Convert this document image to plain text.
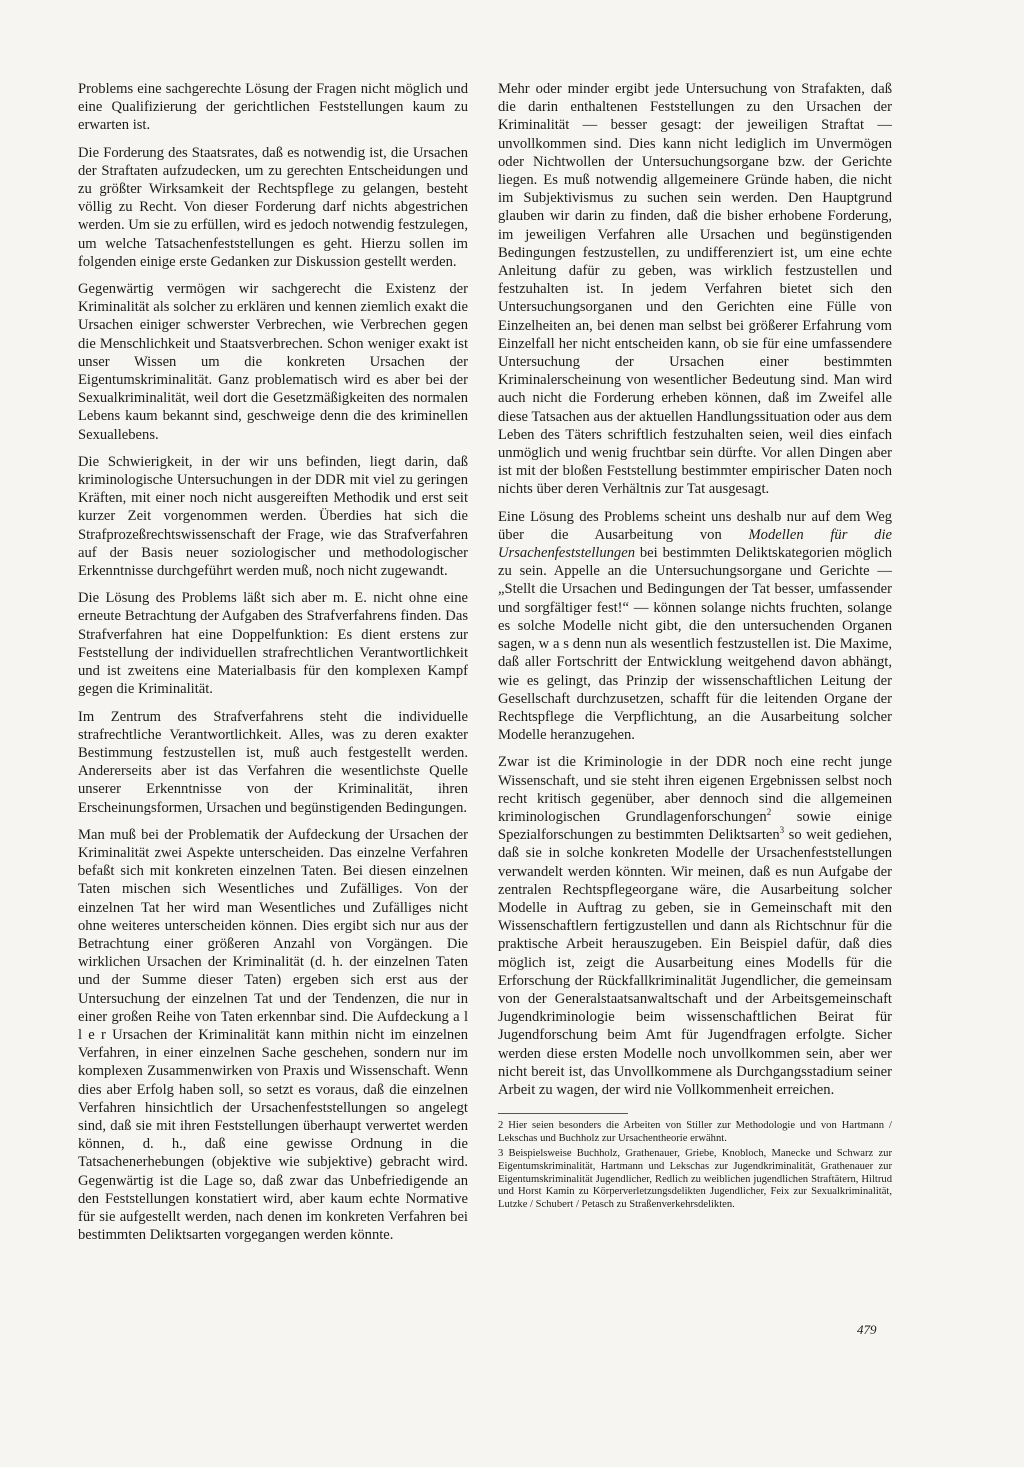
Problems eine sachgerechte Lösung der Fragen nicht möglich und eine Qualifizierung der gerichtlichen Feststellungen kaum zu erwarten ist.

Die Forderung des Staatsrates, daß es notwendig ist, die Ursachen der Straftaten aufzudecken, um zu gerechten Entscheidungen und zu größter Wirksamkeit der Rechtspflege zu gelangen, besteht völlig zu Recht. Von dieser Forderung darf nichts abgestrichen werden. Um sie zu erfüllen, wird es jedoch notwendig festzulegen, um welche Tatsachenfeststellungen es geht. Hierzu sollen im folgenden einige erste Gedanken zur Diskussion gestellt werden.

Gegenwärtig vermögen wir sachgerecht die Existenz der Kriminalität als solcher zu erklären und kennen ziemlich exakt die Ursachen einiger schwerster Verbrechen, wie Verbrechen gegen die Menschlichkeit und Staatsverbrechen. Schon weniger exakt ist unser Wissen um die konkreten Ursachen der Eigentumskriminalität. Ganz problematisch wird es aber bei der Sexualkriminalität, weil dort die Gesetzmäßigkeiten des normalen Lebens kaum bekannt sind, geschweige denn die des kriminellen Sexuallebens.

Die Schwierigkeit, in der wir uns befinden, liegt darin, daß kriminologische Untersuchungen in der DDR mit viel zu geringen Kräften, mit einer noch nicht ausgereiften Methodik und erst seit kurzer Zeit vorgenommen werden. Überdies hat sich die Strafprozeßrechtswissenschaft der Frage, wie das Strafverfahren auf der Basis neuer soziologischer und methodologischer Erkenntnisse durchgeführt werden muß, noch nicht zugewandt.

Die Lösung des Problems läßt sich aber m. E. nicht ohne eine erneute Betrachtung der Aufgaben des Strafverfahrens finden. Das Strafverfahren hat eine Doppelfunktion: Es dient erstens zur Feststellung der individuellen strafrechtlichen Verantwortlichkeit und ist zweitens eine Materialbasis für den komplexen Kampf gegen die Kriminalität.

Im Zentrum des Strafverfahrens steht die individuelle strafrechtliche Verantwortlichkeit. Alles, was zu deren exakter Bestimmung festzustellen ist, muß auch festgestellt werden. Andererseits aber ist das Verfahren die wesentlichste Quelle unserer Erkenntnisse von der Kriminalität, ihren Erscheinungsformen, Ursachen und begünstigenden Bedingungen.

Man muß bei der Problematik der Aufdeckung der Ursachen der Kriminalität zwei Aspekte unterscheiden. Das einzelne Verfahren befaßt sich mit konkreten einzelnen Taten. Bei diesen einzelnen Taten mischen sich Wesentliches und Zufälliges. Von der einzelnen Tat her wird man Wesentliches und Zufälliges nicht ohne weiteres unterscheiden können. Dies ergibt sich nur aus der Betrachtung einer größeren Anzahl von Vorgängen. Die wirklichen Ursachen der Kriminalität (d. h. der einzelnen Taten und der Summe dieser Taten) ergeben sich erst aus der Untersuchung der einzelnen Tat und der Tendenzen, die nur in einer großen Reihe von Taten erkennbar sind. Die Aufdeckung a l l e r Ursachen der Kriminalität kann mithin nicht im einzelnen Verfahren, in einer einzelnen Sache geschehen, sondern nur im komplexen Zusammenwirken von Praxis und Wissenschaft. Wenn dies aber Erfolg haben soll, so setzt es voraus, daß die einzelnen Verfahren hinsichtlich der Ursachenfeststellungen so angelegt sind, daß sie mit ihren Feststellungen überhaupt verwertet werden können, d. h., daß eine gewisse Ordnung in die Tatsachenerhebungen (objektive wie subjektive) gebracht wird. Gegenwärtig ist die Lage so, daß zwar das Unbefriedigende an den Feststellungen konstatiert wird, aber kaum echte Normative für sie aufgestellt werden, nach denen im konkreten Verfahren bei bestimmten Deliktsarten vorgegangen werden könnte.

Mehr oder minder ergibt jede Untersuchung von Strafakten, daß die darin enthaltenen Feststellungen zu den Ursachen der Kriminalität — besser gesagt: der jeweiligen Straftat — unvollkommen sind. Dies kann nicht lediglich im Unvermögen oder Nichtwollen der Untersuchungsorgane bzw. der Gerichte liegen. Es muß notwendig allgemeinere Gründe haben, die nicht im Subjektivismus zu suchen sein werden. Den Hauptgrund glauben wir darin zu finden, daß die bisher erhobene Forderung, im jeweiligen Verfahren alle Ursachen und begünstigenden Bedingungen festzustellen, zu undifferenziert ist, um eine echte Anleitung dafür zu geben, was wirklich festzustellen und festzuhalten ist. In jedem Verfahren bietet sich den Untersuchungsorganen und den Gerichten eine Fülle von Einzelheiten an, bei denen man selbst bei größerer Erfahrung vom Einzelfall her nicht entscheiden kann, ob sie für eine umfassendere Untersuchung der Ursachen einer bestimmten Kriminalerscheinung von wesentlicher Bedeutung sind. Man wird auch nicht die Forderung erheben können, daß im Zweifel alle diese Tatsachen aus der aktuellen Handlungssituation oder aus dem Leben des Täters schriftlich festzuhalten seien, weil dies einfach unmöglich und wenig fruchtbar sein dürfte. Vor allen Dingen aber ist mit der bloßen Feststellung bestimmter empirischer Daten noch nichts über deren Verhältnis zur Tat ausgesagt.

Eine Lösung des Problems scheint uns deshalb nur auf dem Weg über die Ausarbeitung von Modellen für die Ursachenfeststellungen bei bestimmten Deliktskategorien möglich zu sein. Appelle an die Untersuchungsorgane und Gerichte — „Stellt die Ursachen und Bedingungen der Tat besser, umfassender und sorgfältiger fest!“ — können solange nichts fruchten, solange es solche Modelle nicht gibt, die den untersuchenden Organen sagen, w a s denn nun als wesentlich festzustellen ist. Die Maxime, daß aller Fortschritt der Entwicklung weitgehend davon abhängt, wie es gelingt, das Prinzip der wissenschaftlichen Leitung der Gesellschaft durchzusetzen, schafft für die leitenden Organe der Rechtspflege die Verpflichtung, an die Ausarbeitung solcher Modelle heranzugehen.

Zwar ist die Kriminologie in der DDR noch eine recht junge Wissenschaft, und sie steht ihren eigenen Ergebnissen selbst noch recht kritisch gegenüber, aber dennoch sind die allgemeinen kriminologischen Grundlagenforschungen$^2$ sowie einige Spezialforschungen zu bestimmten Deliktsarten$^3$ so weit gediehen, daß sie in solche konkreten Modelle der Ursachenfeststellungen verwandelt werden könnten. Wir meinen, daß es nun Aufgabe der zentralen Rechtspflegeorgane wäre, die Ausarbeitung solcher Modelle in Auftrag zu geben, sie in Gemeinschaft mit den Wissenschaftlern fertigzustellen und dann als Richtschnur für die praktische Arbeit herauszugeben. Ein Beispiel dafür, daß dies möglich ist, zeigt die Ausarbeitung eines Modells für die Erforschung der Rückfallkriminalität Jugendlicher, die gemeinsam von der Generalstaatsanwaltschaft und der Arbeitsgemeinschaft Jugendkriminologie beim wissenschaftlichen Beirat für Jugendforschung beim Amt für Jugendfragen erfolgte. Sicher werden diese ersten Modelle noch unvollkommen sein, aber wer nicht bereit ist, das Unvollkommene als Durchgangsstadium seiner Arbeit zu wagen, der wird nie Vollkommenheit erreichen.

2 Hier seien besonders die Arbeiten von Stiller zur Methodologie und von Hartmann / Lekschas und Buchholz zur Ursachentheorie erwähnt.

3 Beispielsweise Buchholz, Grathenauer, Griebe, Knobloch, Manecke und Schwarz zur Eigentumskriminalität, Hartmann und Lekschas zur Jugendkriminalität, Grathenauer zur Eigentumskriminalität Jugendlicher, Redlich zu weiblichen jugendlichen Straftätern, Hiltrud und Horst Kamin zu Körperverletzungsdelikten Jugendlicher, Feix zur Sexualkriminalität, Lutzke / Schubert / Petasch zu Straßenverkehrsdelikten.

479
